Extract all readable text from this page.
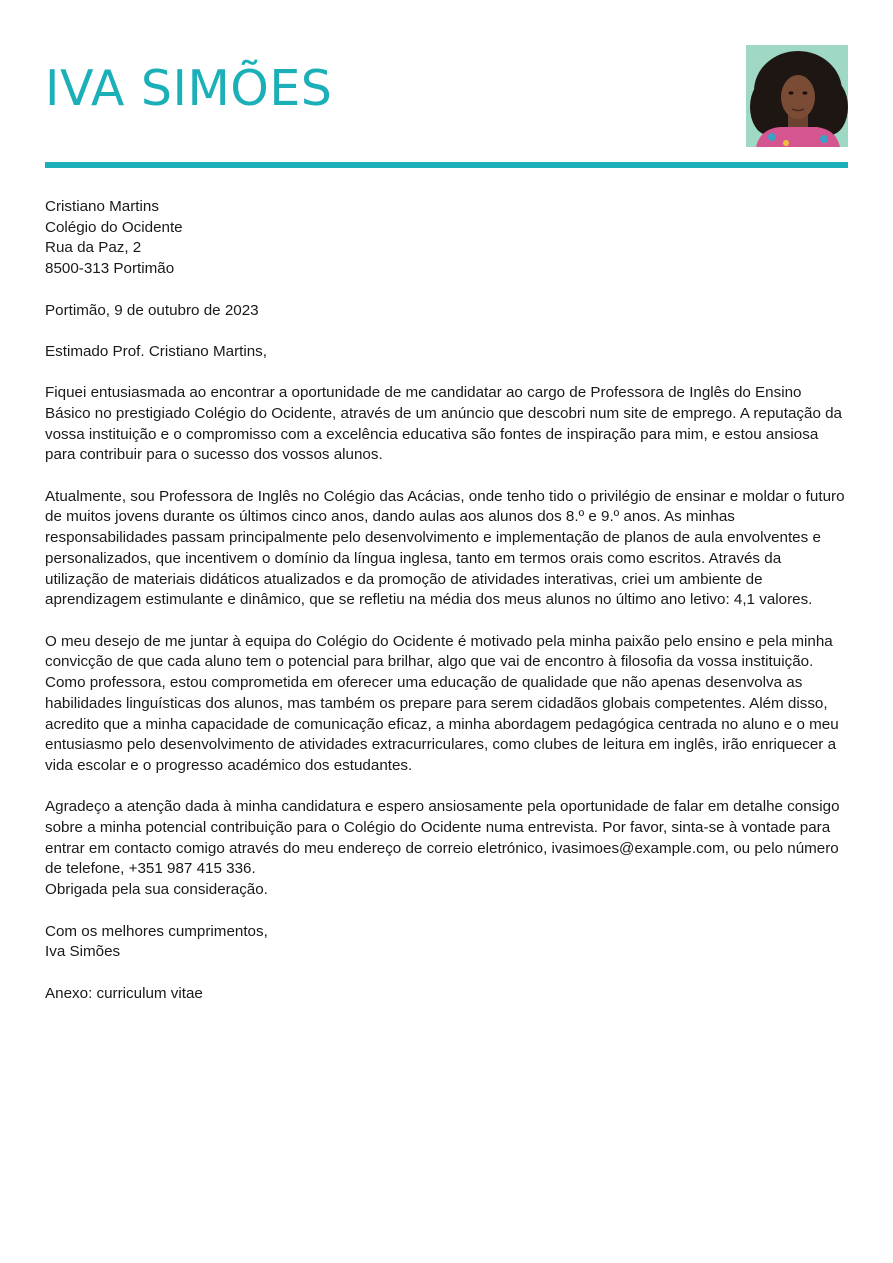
IVA SIMÕES
Cristiano Martins
Colégio do Ocidente
Rua da Paz, 2
8500-313 Portimão

Portimão, 9 de outubro de 2023

Estimado Prof. Cristiano Martins,

Fiquei entusiasmada ao encontrar a oportunidade de me candidatar ao cargo de Professora de Inglês do Ensino Básico no prestigiado Colégio do Ocidente, através de um anúncio que descobri num site de emprego. A reputação da vossa instituição e o compromisso com a excelência educativa são fontes de inspiração para mim, e estou ansiosa para contribuir para o sucesso dos vossos alunos.

Atualmente, sou Professora de Inglês no Colégio das Acácias, onde tenho tido o privilégio de ensinar e moldar o futuro de muitos jovens durante os últimos cinco anos, dando aulas aos alunos dos 8.º e 9.º anos. As minhas responsabilidades passam principalmente pelo desenvolvimento e implementação de planos de aula envolventes e personalizados, que incentivem o domínio da língua inglesa, tanto em termos orais como escritos. Através da utilização de materiais didáticos atualizados e da promoção de atividades interativas, criei um ambiente de aprendizagem estimulante e dinâmico, que se refletiu na média dos meus alunos no último ano letivo: 4,1 valores.

O meu desejo de me juntar à equipa do Colégio do Ocidente é motivado pela minha paixão pelo ensino e pela minha convicção de que cada aluno tem o potencial para brilhar, algo que vai de encontro à filosofia da vossa instituição. Como professora, estou comprometida em oferecer uma educação de qualidade que não apenas desenvolva as habilidades linguísticas dos alunos, mas também os prepare para serem cidadãos globais competentes. Além disso, acredito que a minha capacidade de comunicação eficaz, a minha abordagem pedagógica centrada no aluno e o meu entusiasmo pelo desenvolvimento de atividades extracurriculares, como clubes de leitura em inglês, irão enriquecer a vida escolar e o progresso académico dos estudantes.

Agradeço a atenção dada à minha candidatura e espero ansiosamente pela oportunidade de falar em detalhe consigo sobre a minha potencial contribuição para o Colégio do Ocidente numa entrevista. Por favor, sinta-se à vontade para entrar em contacto comigo através do meu endereço de correio eletrónico, ivasimoes@example.com, ou pelo número de telefone, +351 987 415 336.

Obrigada pela sua consideração.

Com os melhores cumprimentos,
Iva Simões

Anexo: curriculum vitae
